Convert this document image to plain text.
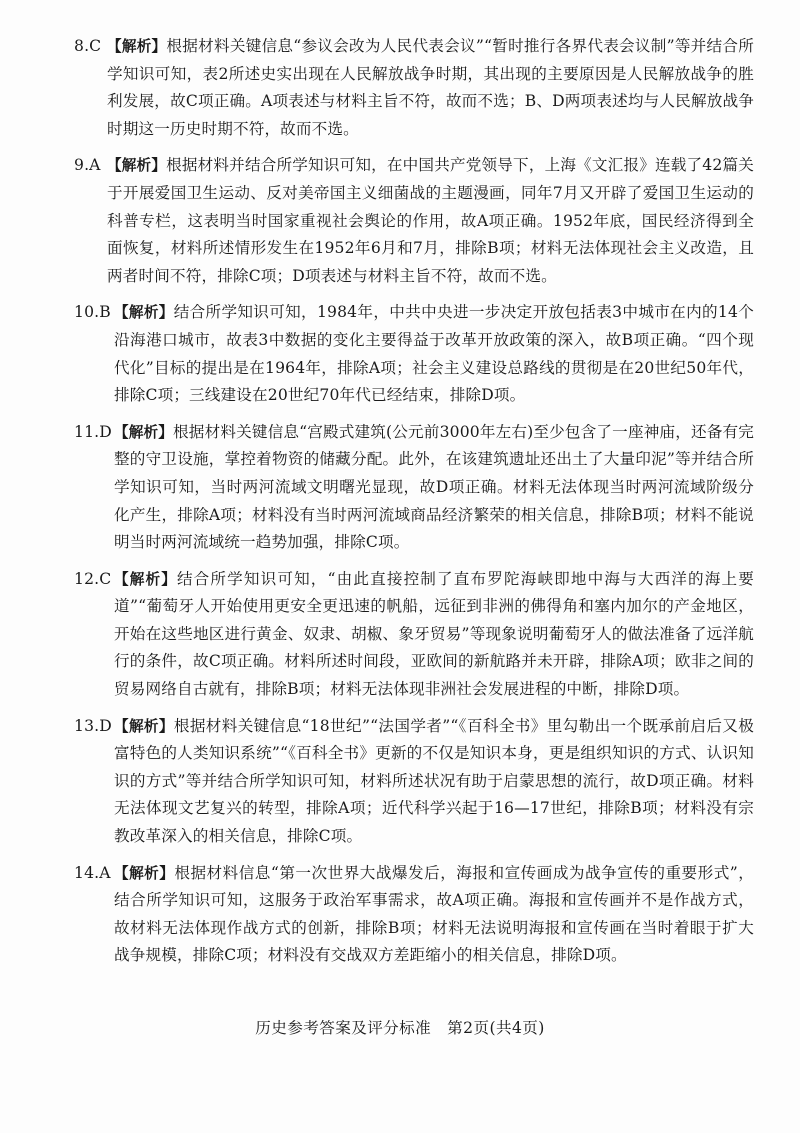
8.C 【解析】根据材料关键信息“参议会改为人民代表会议”“暂时推行各界代表会议制”等并结合所学知识可知，表2所述史实出现在人民解放战争时期，其出现的主要原因是人民解放战争的胜利发展，故C项正确。A项表述与材料主旨不符，故而不选；B、D两项表述均与人民解放战争时期这一历史时期不符，故而不选。
9.A 【解析】根据材料并结合所学知识可知，在中国共产党领导下，上海《文汇报》连载了42篇关于开展爱国卫生运动、反对美帝国主义细菌战的主题漫画，同年7月又开辟了爱国卫生运动的科普专栏，这表明当时国家重视社会舆论的作用，故A项正确。1952年底，国民经济得到全面恢复，材料所述情形发生在1952年6月和7月，排除B项；材料无法体现社会主义改造，且两者时间不符，排除C项；D项表述与材料主旨不符，故而不选。
10.B 【解析】结合所学知识可知，1984年，中共中央进一步决定开放包括表3中城市在内的14个沿海港口城市，故表3中数据的变化主要得益于改革开放政策的深入，故B项正确。“四个现代化”目标的提出是在1964年，排除A项；社会主义建设总路线的贯彻是在20世纪50年代，排除C项；三线建设在20世纪70年代已经结束，排除D项。
11.D 【解析】根据材料关键信息“宫殿式建筑(公元前3000年左右)至少包含了一座神庙，还备有完整的守卫设施，掌控着物资的储藏分配。此外，在该建筑遗址还出土了大量印泥”等并结合所学知识可知，当时两河流域文明曙光显现，故D项正确。材料无法体现当时两河流域阶级分化产生，排除A项；材料没有当时两河流域商品经济繁荣的相关信息，排除B项；材料不能说明当时两河流域统一趋势加强，排除C项。
12.C 【解析】结合所学知识可知，“由此直接控制了直布罗陀海峡即地中海与大西洋的海上要道”“葡萄牙人开始使用更安全更迅速的帆船，远征到非洲的佛得角和塞内加尔的产金地区，开始在这些地区进行黄金、奴隶、胡椒、象牙贸易”等现象说明葡萄牙人的做法准备了远洋航行的条件，故C项正确。材料所述时间段，亚欧间的新航路并未开辟，排除A项；欧非之间的贸易网络自古就有，排除B项；材料无法体现非洲社会发展进程的中断，排除D项。
13.D 【解析】根据材料关键信息“18世纪”“法国学者”“《百科全书》里勾勒出一个既承前启后又极富特色的人类知识系统”“《百科全书》更新的不仅是知识本身，更是组织知识的方式、认识知识的方式”等并结合所学知识可知，材料所述状况有助于启蒙思想的流行，故D项正确。材料无法体现文艺复兴的转型，排除A项；近代科学兴起于16—17世纪，排除B项；材料没有宗教改革深入的相关信息，排除C项。
14.A 【解析】根据材料信息“第一次世界大战爆发后，海报和宣传画成为战争宣传的重要形式”，结合所学知识可知，这服务于政治军事需求，故A项正确。海报和宣传画并不是作战方式，故材料无法体现作战方式的创新，排除B项；材料无法说明海报和宣传画在当时着眼于扩大战争规模，排除C项；材料没有交战双方差距缩小的相关信息，排除D项。
历史参考答案及评分标准　第2页(共4页)
